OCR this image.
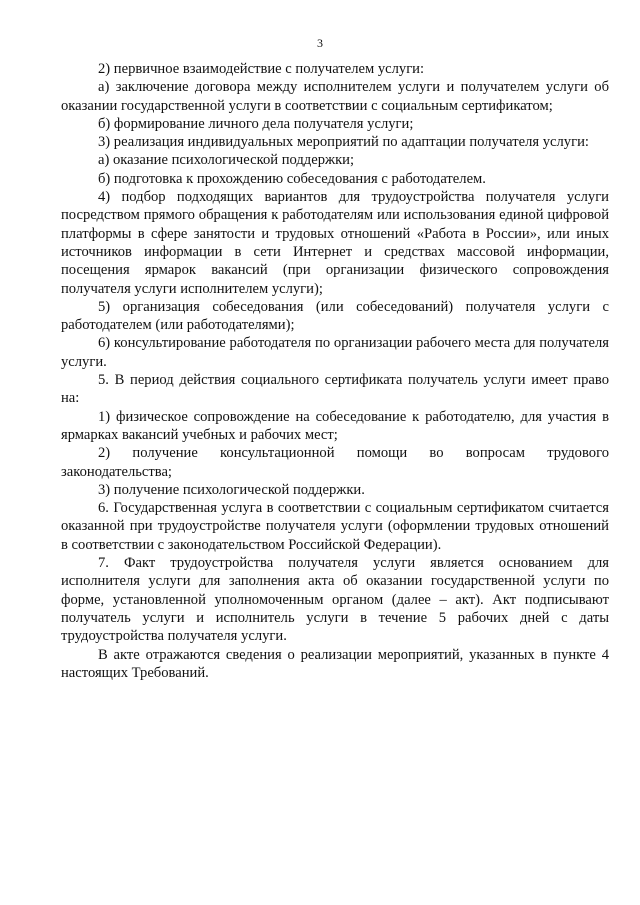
3

2) первичное взаимодействие с получателем услуги:

а) заключение договора между исполнителем услуги и получателем услуги об оказании государственной услуги в соответствии с социальным сертификатом;

б) формирование личного дела получателя услуги;

3) реализация индивидуальных мероприятий по адаптации получателя услуги:

а) оказание психологической поддержки;

б) подготовка к прохождению собеседования с работодателем.

4) подбор подходящих вариантов для трудоустройства получателя услуги посредством прямого обращения к работодателям или использования единой цифровой платформы в сфере занятости и трудовых отношений «Работа в России», или иных источников информации в сети Интернет и средствах массовой информации, посещения ярмарок вакансий (при организации физического сопровождения получателя услуги исполнителем услуги);

5) организация собеседования (или собеседований) получателя услуги с работодателем (или работодателями);

6) консультирование работодателя по организации рабочего места для получателя услуги.

5. В период действия социального сертификата получатель услуги имеет право на:

1) физическое сопровождение на собеседование к работодателю, для участия в ярмарках вакансий учебных и рабочих мест;

2) получение консультационной помощи во вопросам трудового законодательства;

3) получение психологической поддержки.

6. Государственная услуга в соответствии с социальным сертификатом считается оказанной при трудоустройстве получателя услуги (оформлении трудовых отношений в соответствии с законодательством Российской Федерации).

7. Факт трудоустройства получателя услуги является основанием для исполнителя услуги для заполнения акта об оказании государственной услуги по форме, установленной уполномоченным органом (далее – акт). Акт подписывают получатель услуги и исполнитель услуги в течение 5 рабочих дней с даты трудоустройства получателя услуги.

В акте отражаются сведения о реализации мероприятий, указанных в пункте 4 настоящих Требований.
